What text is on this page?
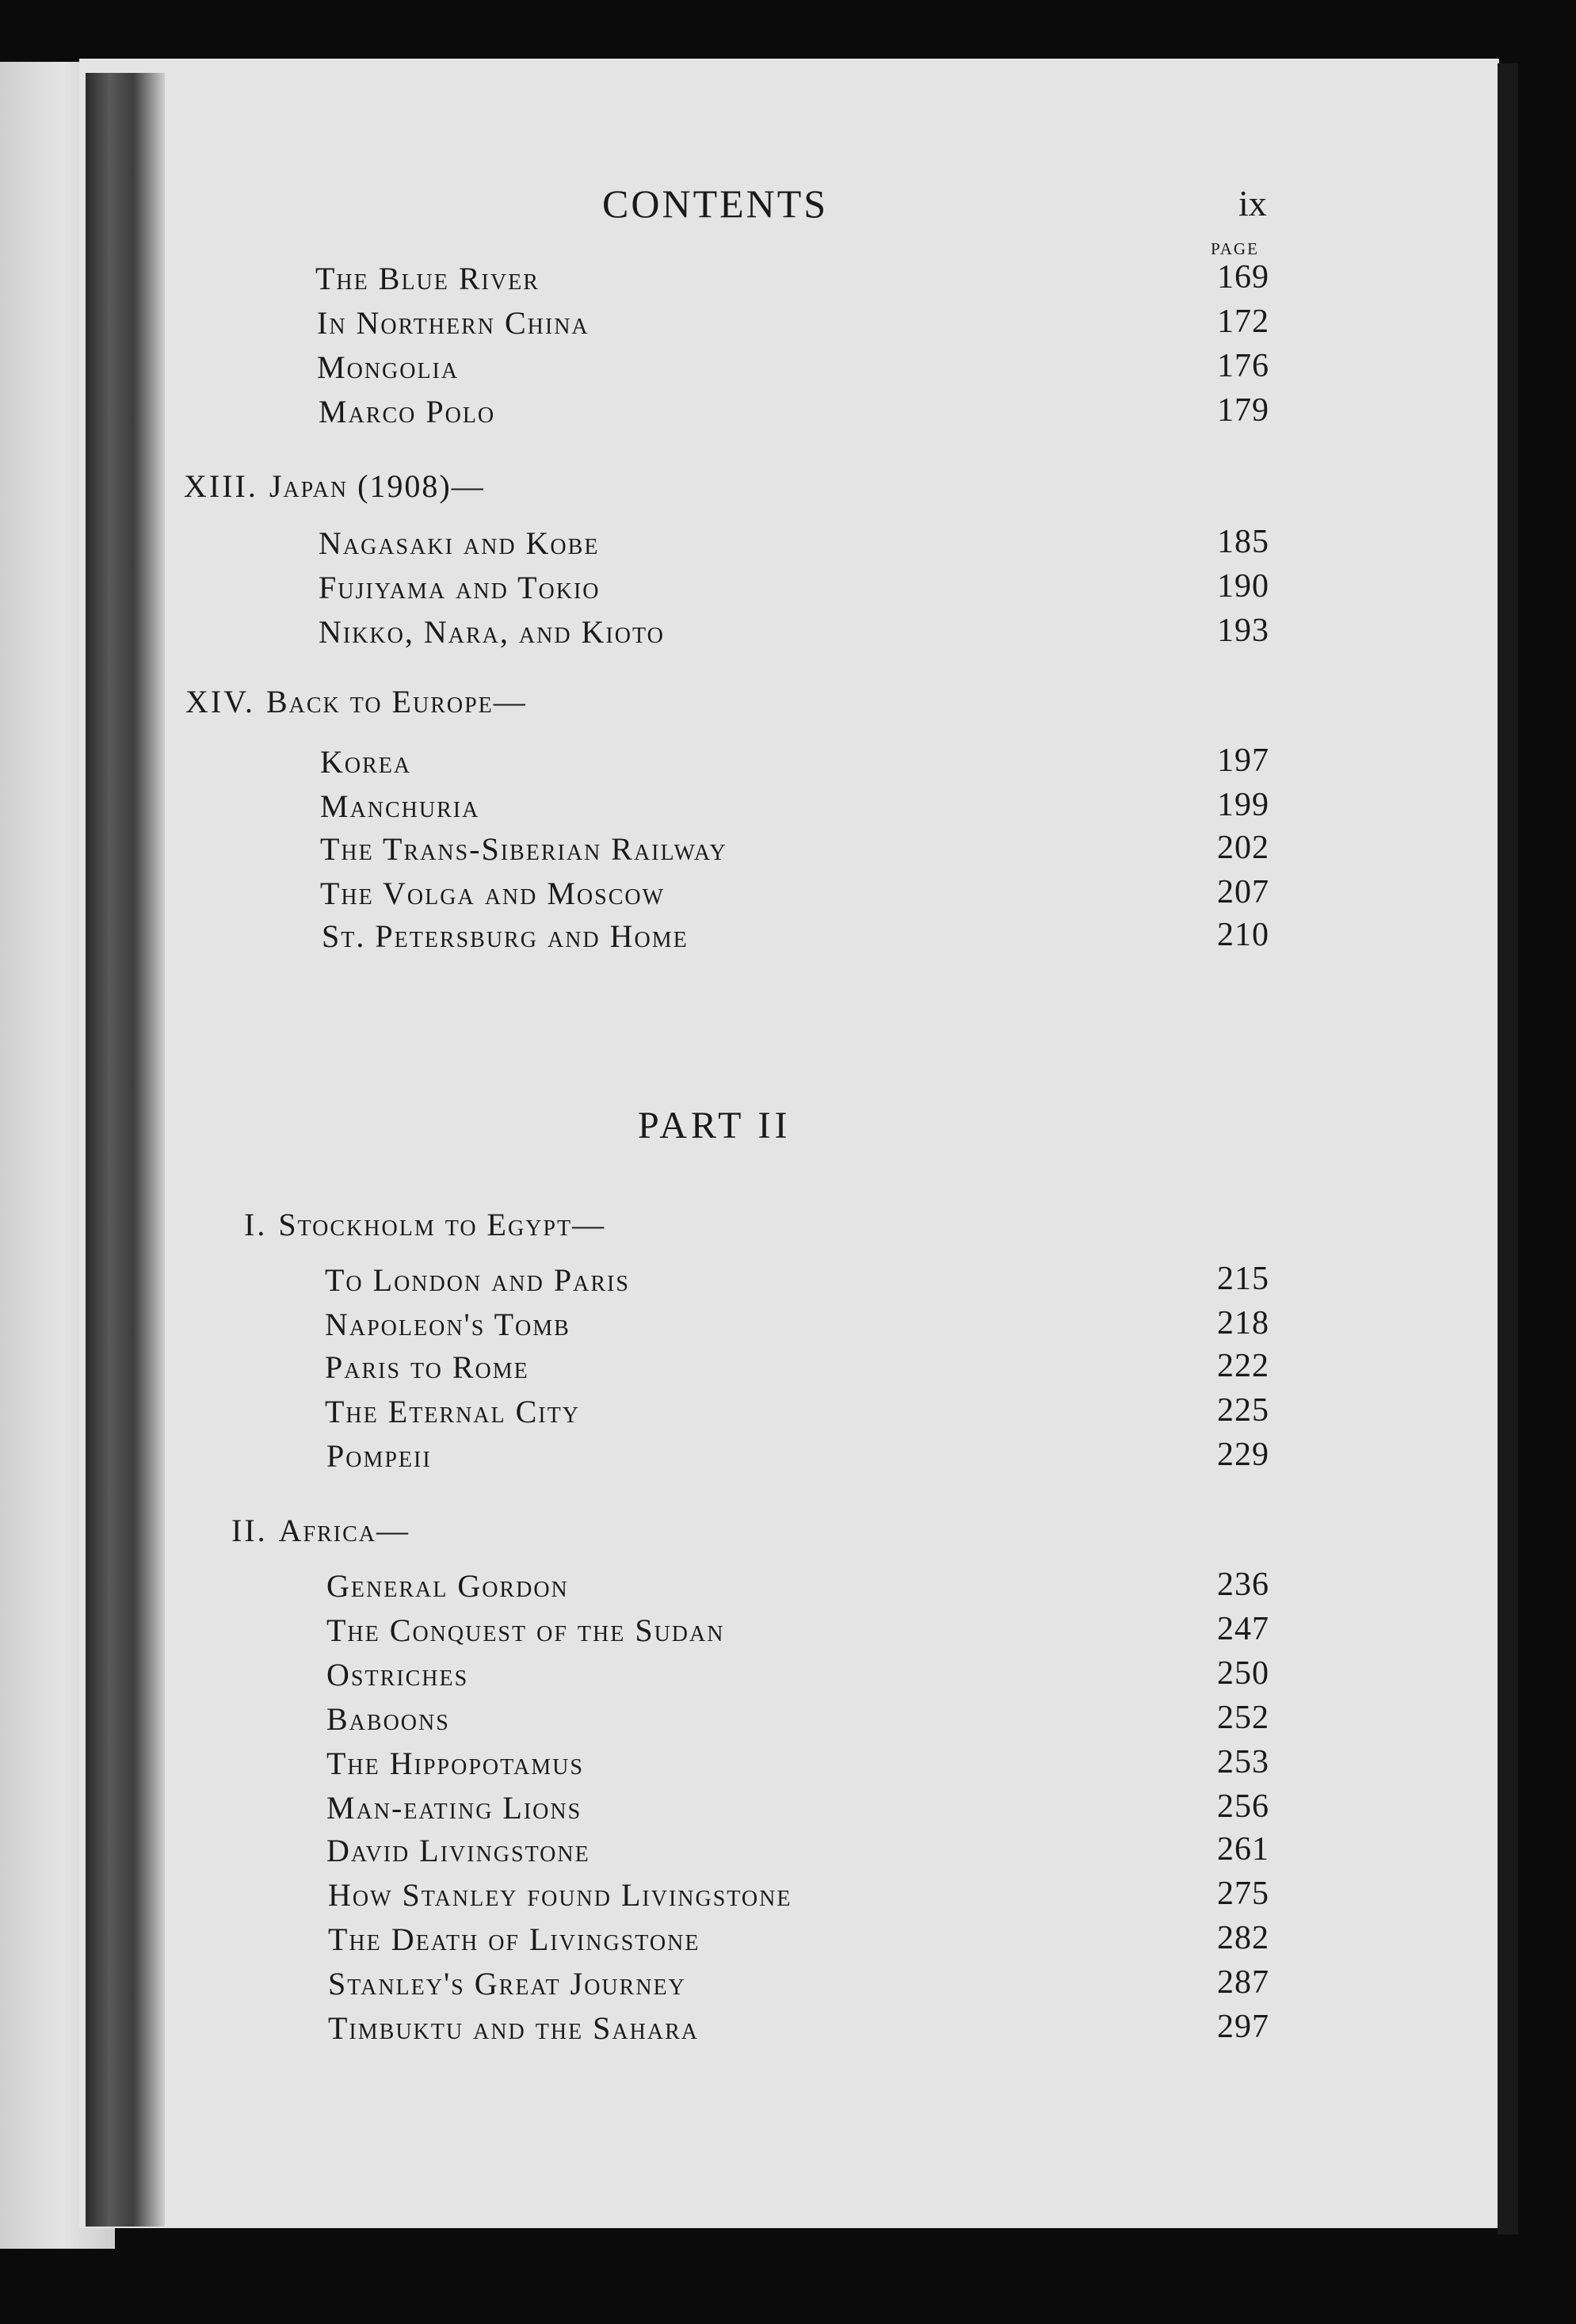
CONTENTS	ix
PAGE
The Blue River	169
In Northern China	172
Mongolia	176
Marco Polo	179
XIII. Japan (1908)—
Nagasaki and Kobe	185
Fujiyama and Tokio	190
Nikko, Nara, and Kioto	193
XIV. Back to Europe—
Korea	197
Manchuria	199
The Trans-Siberian Railway	202
The Volga and Moscow	207
St. Petersburg and Home	210
PART II
I. Stockholm to Egypt—
To London and Paris	215
Napoleon's Tomb	218
Paris to Rome	222
The Eternal City	225
Pompeii	229
II. Africa—
General Gordon	236
The Conquest of the Sudan	247
Ostriches	250
Baboons	252
The Hippopotamus	253
Man-eating Lions	256
David Livingstone	261
How Stanley found Livingstone	275
The Death of Livingstone	282
Stanley's Great Journey	287
Timbuktu and the Sahara	297
